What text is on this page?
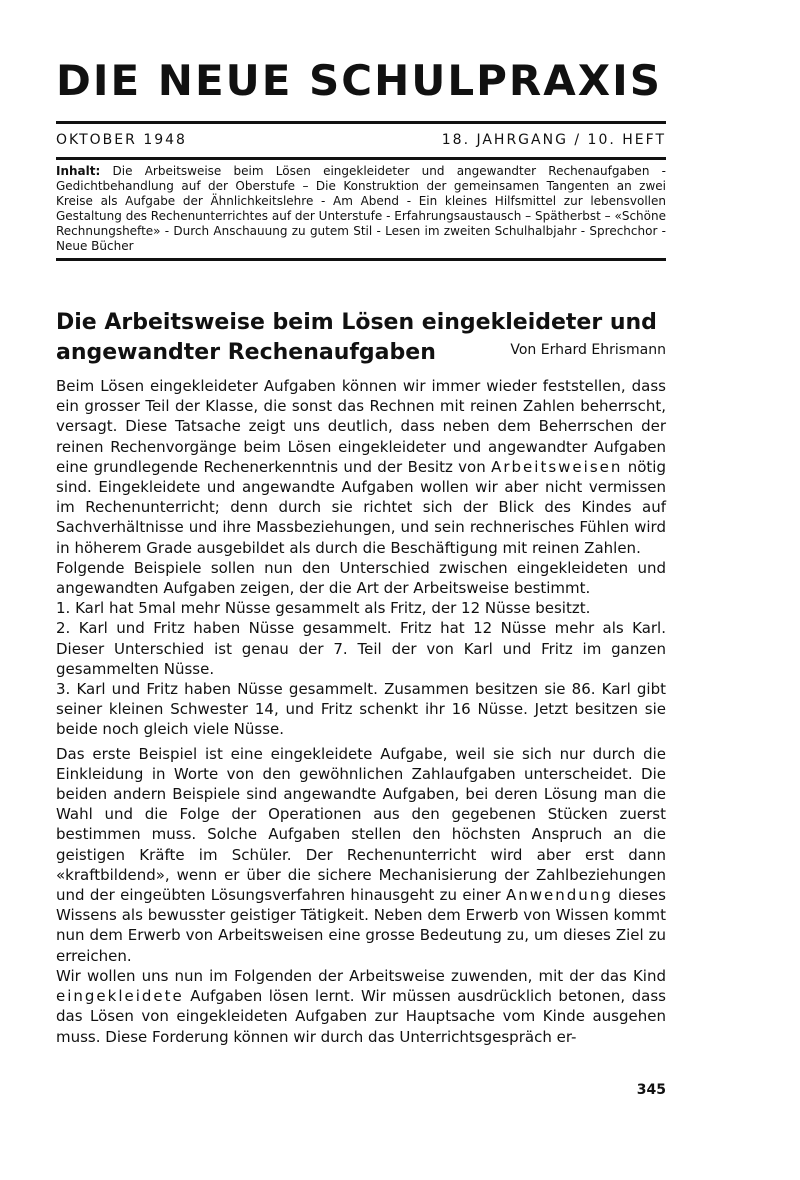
DIE NEUE SCHULPRAXIS
OKTOBER 1948	18. JAHRGANG / 10. HEFT
Inhalt: Die Arbeitsweise beim Lösen eingekleideter und angewandter Rechenaufgaben - Gedichtbehandlung auf der Oberstufe – Die Konstruktion der gemeinsamen Tangenten an zwei Kreise als Aufgabe der Ähnlichkeitslehre - Am Abend - Ein kleines Hilfsmittel zur lebensvollen Gestaltung des Rechenunterrichtes auf der Unterstufe - Erfahrungsaustausch – Spätherbst – «Schöne Rechnungshefte» - Durch Anschauung zu gutem Stil - Lesen im zweiten Schulhalbjahr - Sprechchor - Neue Bücher
Die Arbeitsweise beim Lösen eingekleideter und
angewandter Rechenaufgaben	Von Erhard Ehrismann

Beim Lösen eingekleideter Aufgaben können wir immer wieder feststellen, dass ein grosser Teil der Klasse, die sonst das Rechnen mit reinen Zahlen beherrscht, versagt. Diese Tatsache zeigt uns deutlich, dass neben dem Beherrschen der reinen Rechenvorgänge beim Lösen eingekleideter und angewandter Aufgaben eine grundlegende Rechenerkenntnis und der Besitz von Arbeitsweisen nötig sind. Eingekleidete und angewandte Aufgaben wollen wir aber nicht vermissen im Rechenunterricht; denn durch sie richtet sich der Blick des Kindes auf Sachverhältnisse und ihre Massbeziehungen, und sein rechnerisches Fühlen wird in höherem Grade ausgebildet als durch die Beschäftigung mit reinen Zahlen.

Folgende Beispiele sollen nun den Unterschied zwischen eingekleideten und angewandten Aufgaben zeigen, der die Art der Arbeitsweise bestimmt.

1. Karl hat 5mal mehr Nüsse gesammelt als Fritz, der 12 Nüsse besitzt.

2. Karl und Fritz haben Nüsse gesammelt. Fritz hat 12 Nüsse mehr als Karl. Dieser Unterschied ist genau der 7. Teil der von Karl und Fritz im ganzen gesammelten Nüsse.

3. Karl und Fritz haben Nüsse gesammelt. Zusammen besitzen sie 86. Karl gibt seiner kleinen Schwester 14, und Fritz schenkt ihr 16 Nüsse. Jetzt besitzen sie beide noch gleich viele Nüsse.

Das erste Beispiel ist eine eingekleidete Aufgabe, weil sie sich nur durch die Einkleidung in Worte von den gewöhnlichen Zahlaufgaben unterscheidet. Die beiden andern Beispiele sind angewandte Aufgaben, bei deren Lösung man die Wahl und die Folge der Operationen aus den gegebenen Stücken zuerst bestimmen muss. Solche Aufgaben stellen den höchsten Anspruch an die geistigen Kräfte im Schüler. Der Rechenunterricht wird aber erst dann «kraftbildend», wenn er über die sichere Mechanisierung der Zahlbeziehungen und der eingeübten Lösungsverfahren hinausgeht zu einer Anwendung dieses Wissens als bewusster geistiger Tätigkeit. Neben dem Erwerb von Wissen kommt nun dem Erwerb von Arbeitsweisen eine grosse Bedeutung zu, um dieses Ziel zu erreichen.

Wir wollen uns nun im Folgenden der Arbeitsweise zuwenden, mit der das Kind eingekleidete Aufgaben lösen lernt. Wir müssen ausdrücklich betonen, dass das Lösen von eingekleideten Aufgaben zur Hauptsache vom Kinde ausgehen muss. Diese Forderung können wir durch das Unterrichtsgespräch er-

345
